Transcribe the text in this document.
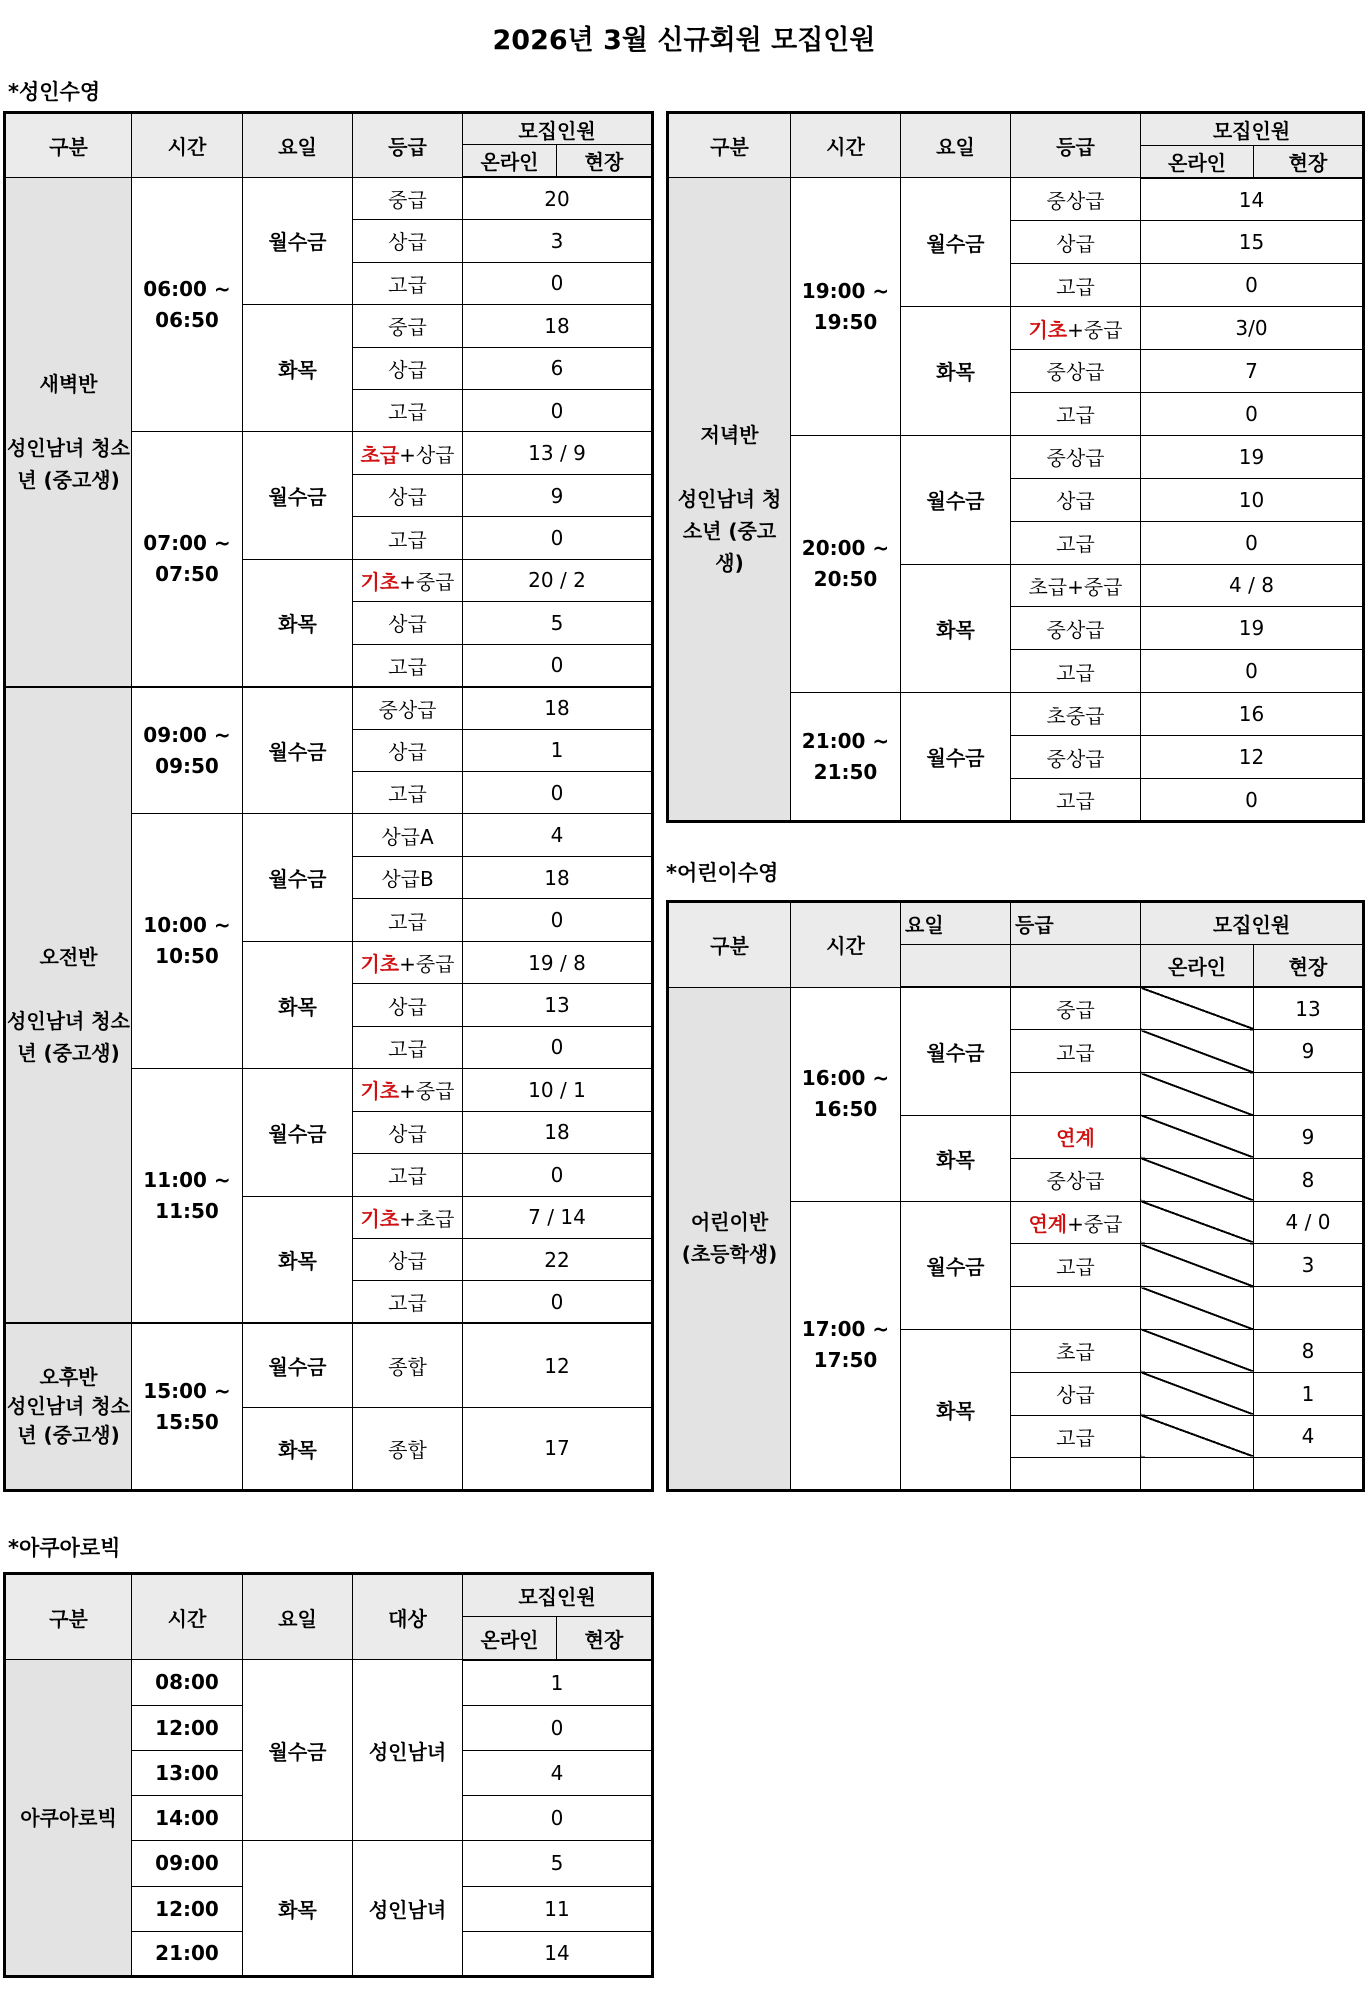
2026년 3월 신규회원 모집인원
*성인수영
*어린이수영
*아쿠아로빅
구분	시간	요일	등급	모집인원	
				온라인	현장
새벽반

성인남녀 청소년 (중고생)	06:00 ~ 06:50	월수금	중급	20	
			상급	3	
			고급	0	
		화목	중급	18	
			상급	6	
			고급	0	
	07:00 ~ 07:50	월수금	초급+상급	13 / 9	
			상급	9	
			고급	0	
		화목	기초+중급	20 / 2	
			상급	5	
			고급	0	
오전반

성인남녀 청소년 (중고생)	09:00 ~ 09:50	월수금	중상급	18	
			상급	1	
			고급	0	
	10:00 ~ 10:50	월수금	상급A	4	
			상급B	18	
			고급	0	
		화목	기초+중급	19 / 8	
			상급	13	
			고급	0	
	11:00 ~ 11:50	월수금	기초+중급	10 / 1	
			상급	18	
			고급	0	
		화목	기초+초급	7 / 14	
			상급	22	
			고급	0	
오후반
성인남녀 청소년 (중고생)	15:00 ~ 15:50	월수금	종합	12	
		화목	종합	17	
구분	시간	요일	등급	모집인원	
				온라인	현장
저녁반

성인남녀 청소년 (중고생)	19:00 ~ 19:50	월수금	중상급	14	
			상급	15	
			고급	0	
		화목	기초+중급	3/0	
			중상급	7	
			고급	0	
	20:00 ~ 20:50	월수금	중상급	19	
			상급	10	
			고급	0	
		화목	초급+중급	4 / 8	
			중상급	19	
			고급	0	
	21:00 ~ 21:50	월수금	초중급	16	
			중상급	12	
			고급	0	
구분	시간	요일	등급	모집인원	
				온라인	현장
어린이반
(초등학생)	16:00 ~ 16:50	월수금	중급		13
			고급		9

		화목	연계		9
			중상급		8
	17:00 ~ 17:50	월수금	연계+중급		4 / 0
			고급		3

		화목	초급		8
			상급		1
			고급		4

구분	시간	요일	대상	모집인원	
				온라인	현장
아쿠아로빅	08:00	월수금	성인남녀	1	
	12:00			0	
	13:00			4	
	14:00			0	
	09:00	화목	성인남녀	5	
	12:00			11	
	21:00			14	
